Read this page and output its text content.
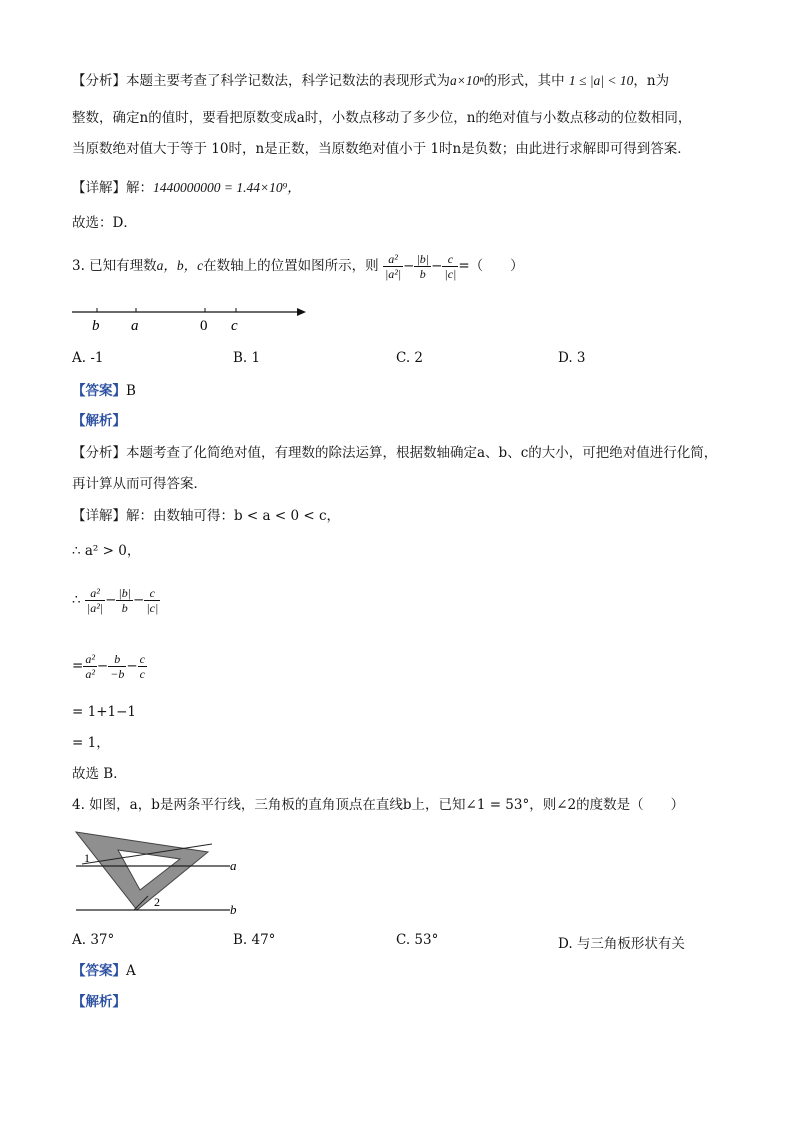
【分析】本题主要考查了科学记数法，科学记数法的表现形式为a×10ⁿ的形式，其中 1 ≤ |a| < 10，n为
整数，确定n的值时，要看把原数变成a时，小数点移动了多少位，n的绝对值与小数点移动的位数相同，
当原数绝对值大于等于 10时，n是正数，当原数绝对值小于 1时n是负数；由此进行求解即可得到答案．
【详解】解：1440000000 = 1.44×10⁹，
故选：D．
3. 已知有理数a，b，c在数轴上的位置如图所示，则 $\frac{\text{a²}}{\text{|a²|}} - \frac{|b|}{b} - \frac{c}{|c|}$ =（　　）
b a	0 c
A. -1	B. 1	C. 2	D. 3
【答案】B
【解析】
【分析】本题考查了化简绝对值，有理数的除法运算，根据数轴确定a、b、c的大小，可把绝对值进行化简，
再计算从而可得答案．
【详解】解：由数轴可得：b < a < 0 < c，
∴ a² > 0，
∴ $\frac{\text{a²}}{\text{|a²|}} - \frac{|b|}{b} - \frac{c}{|c|}$
= $\frac{\text{a²}}{\text{a²}} - \frac{b}{-b} - \frac{c}{c}$
= 1+1−1
= 1，
故选 B．
4. 如图，a，b是两条平行线，三角板的直角顶点在直线b上，已知∠1 = 53°，则∠2的度数是（　　）
1
2
a
b
A. 37°	B. 47°	C. 53°	D. 与三角板形状有关
【答案】A
【解析】
